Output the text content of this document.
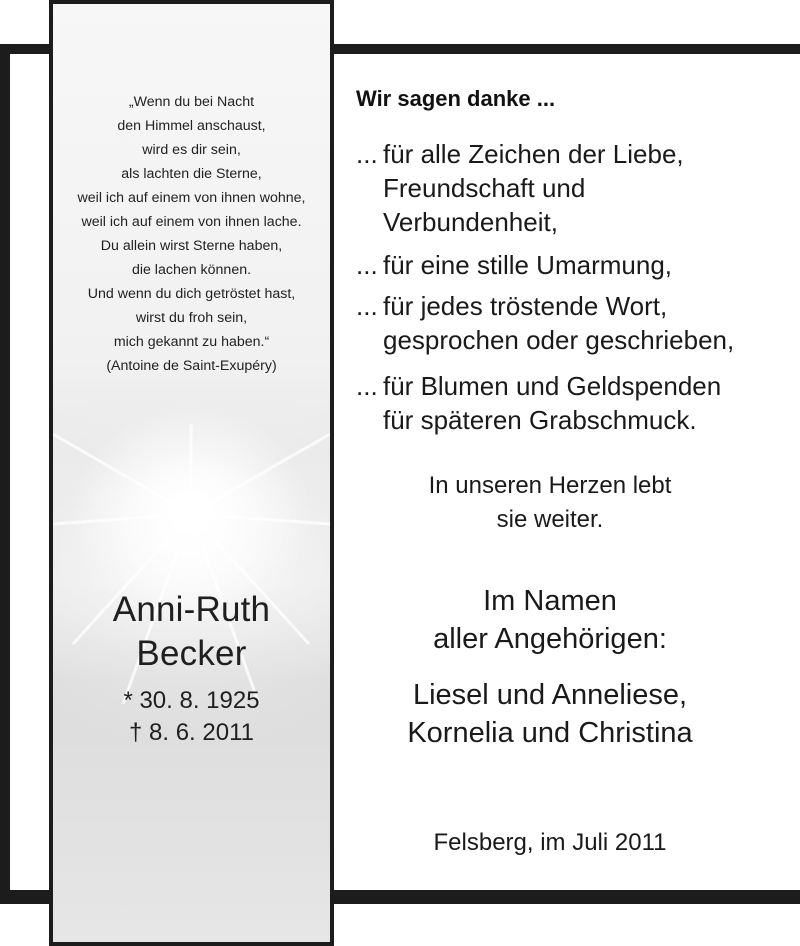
„Wenn du bei Nacht
den Himmel anschaust,
wird es dir sein,
als lachten die Sterne,
weil ich auf einem von ihnen wohne,
weil ich auf einem von ihnen lache.
Du allein wirst Sterne haben,
die lachen können.
Und wenn du dich getröstet hast,
wirst du froh sein,
mich gekannt zu haben.“
(Antoine de Saint-Exupéry)
Anni-Ruth
Becker
* 30. 8. 1925
† 8. 6. 2011
Wir sagen danke ...
... für alle Zeichen der Liebe,
Freundschaft und
Verbundenheit,
... für eine stille Umarmung,
... für jedes tröstende Wort,
gesprochen oder geschrieben,
... für Blumen und Geldspenden
für späteren Grabschmuck.
In unseren Herzen lebt
sie weiter.
Im Namen
aller Angehörigen:
Liesel und Anneliese,
Kornelia und Christina
Felsberg, im Juli 2011
